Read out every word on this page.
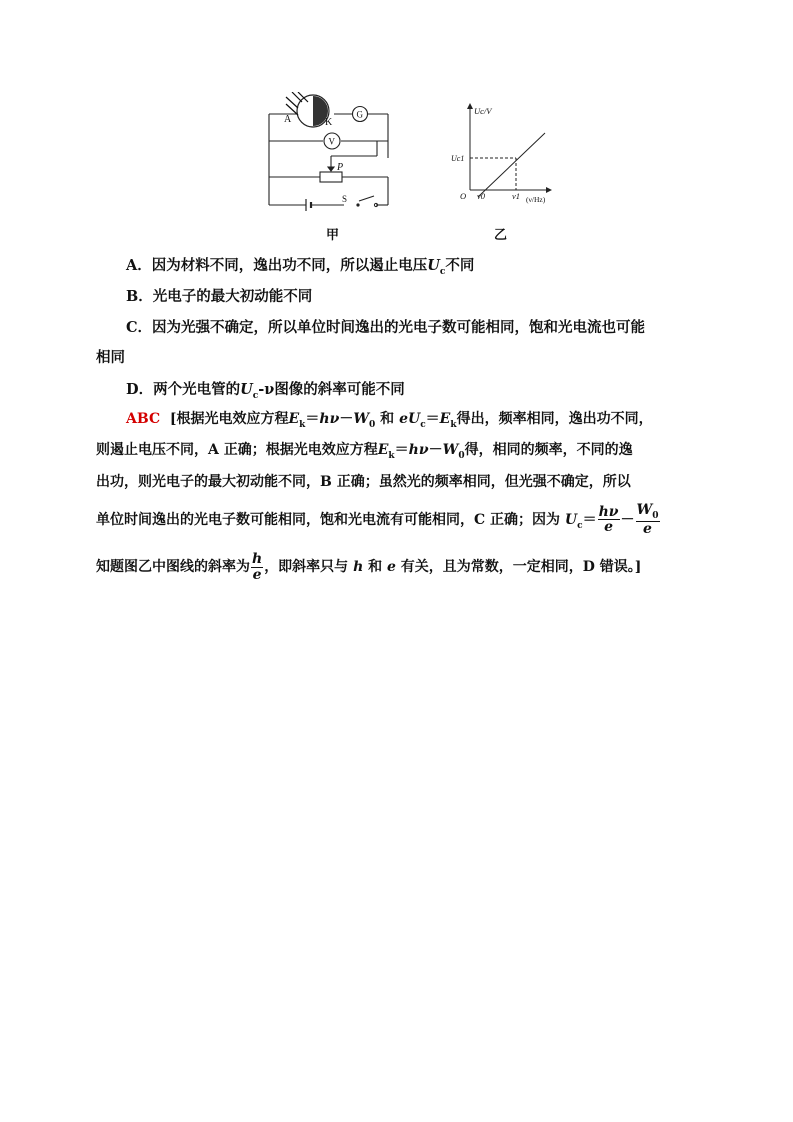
A	K
G
V
P
S
甲
Uc/V
Uc1
O ν0	ν1 (ν/Hz)
乙
A．因为材料不同，逸出功不同，所以遏止电压$U_c$不同
B．光电子的最大初动能不同
C．因为光强不确定，所以单位时间逸出的光电子数可能相同，饱和光电流也可能
相同
D．两个光电管的$U_c-\nu$图像的斜率可能不同
ABC [根据光电效应方程$E_k=h\nu-W_0$ 和 $eU_c=E_k$得出，频率相同，逸出功不同，
则遏止电压不同，A 正确；根据光电效应方程$E_k=h\nu-W_0$得，相同的频率，不同的逸
出功，则光电子的最大初动能不同，B 正确；虽然光的频率相同，但光强不确定，所以
单位时间逸出的光电子数可能相同，饱和光电流有可能相同，C 正确；因为 $U_c= \frac{h\nu}{e} - \frac{W_0}{e}$
知题图乙中图线的斜率为 $\frac{h}{e}$ ，即斜率只与 h 和 e 有关，且为常数，一定相同，D 错误。]
